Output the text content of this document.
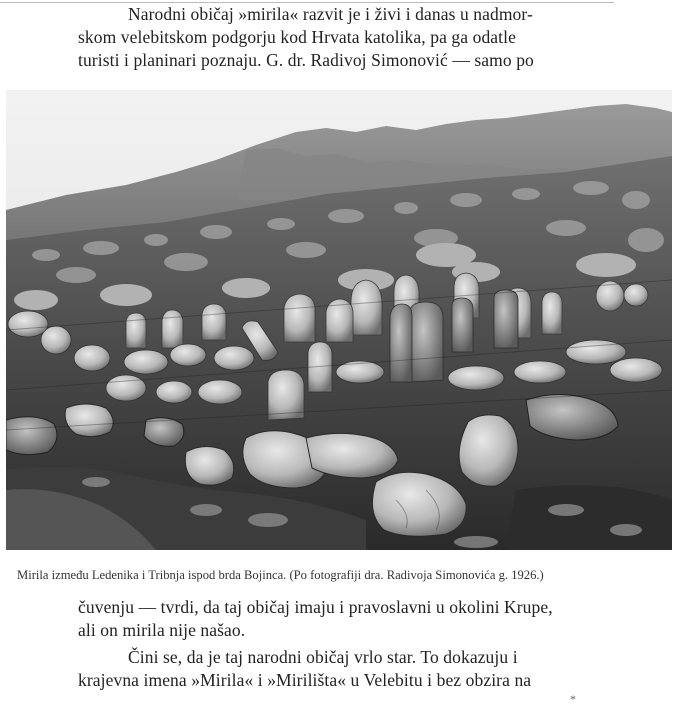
Narodni običaj »mirila« razvit je i živi i danas u nadmor-
skom velebitskom podgorju kod Hrvata katolika, pa ga odatle
turisti i planinari poznaju. G. dr. Radivoj Simonović — samo po
Mirila između Ledenika i Tribnja ispod brda Bojinca. (Po fotografiji dra. Radivoja Simonovića g. 1926.)
čuvenju — tvrdi, da taj običaj imaju i pravoslavni u okolini Krupe,
ali on mirila nije našao.
Čini se, da je taj narodni običaj vrlo star. To dokazuju i
krajevna imena »Mirila« i »Mirilišta« u Velebitu i bez obzira na
*
